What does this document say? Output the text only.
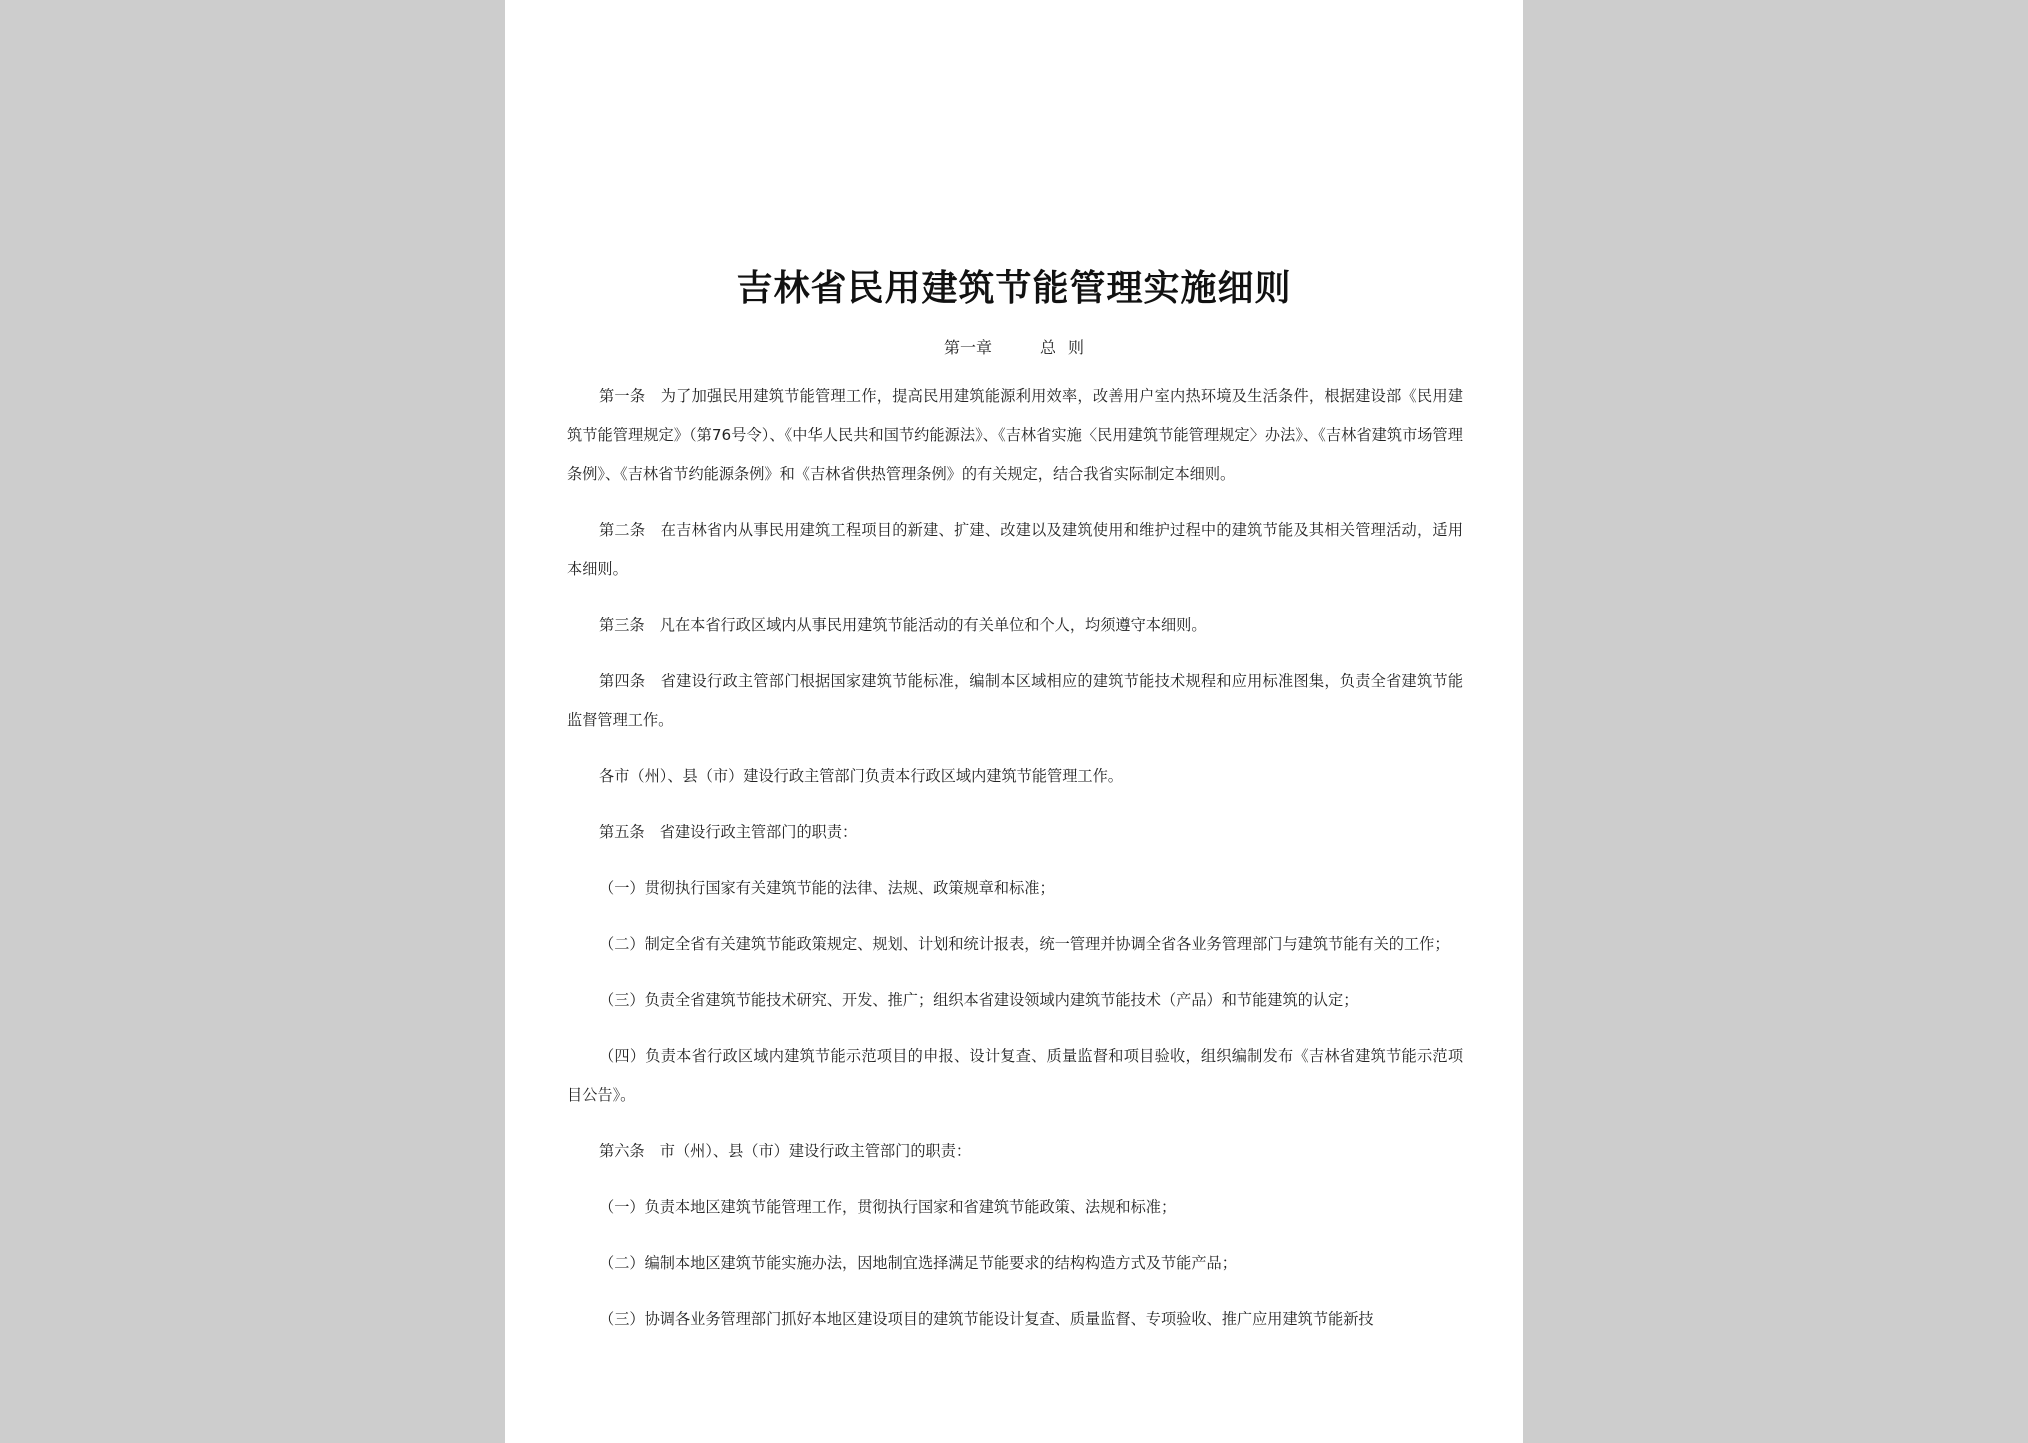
吉林省民用建筑节能管理实施细则
第一章	总 则

第一条　为了加强民用建筑节能管理工作，提高民用建筑能源利用效率，改善用户室内热环境及生活条件，根据建设部《民用建筑节能管理规定》（第76号令）、《中华人民共和国节约能源法》、《吉林省实施〈民用建筑节能管理规定〉办法》、《吉林省建筑市场管理条例》、《吉林省节约能源条例》和《吉林省供热管理条例》的有关规定，结合我省实际制定本细则。

第二条　在吉林省内从事民用建筑工程项目的新建、扩建、改建以及建筑使用和维护过程中的建筑节能及其相关管理活动，适用本细则。

第三条　凡在本省行政区域内从事民用建筑节能活动的有关单位和个人，均须遵守本细则。

第四条　省建设行政主管部门根据国家建筑节能标准，编制本区域相应的建筑节能技术规程和应用标准图集，负责全省建筑节能监督管理工作。

各市（州）、县（市）建设行政主管部门负责本行政区域内建筑节能管理工作。

第五条　省建设行政主管部门的职责：

（一）贯彻执行国家有关建筑节能的法律、法规、政策规章和标准；

（二）制定全省有关建筑节能政策规定、规划、计划和统计报表，统一管理并协调全省各业务管理部门与建筑节能有关的工作；

（三）负责全省建筑节能技术研究、开发、推广；组织本省建设领域内建筑节能技术（产品）和节能建筑的认定；

（四）负责本省行政区域内建筑节能示范项目的申报、设计复查、质量监督和项目验收，组织编制发布《吉林省建筑节能示范项目公告》。

第六条　市（州）、县（市）建设行政主管部门的职责：

（一）负责本地区建筑节能管理工作，贯彻执行国家和省建筑节能政策、法规和标准；

（二）编制本地区建筑节能实施办法，因地制宜选择满足节能要求的结构构造方式及节能产品；

（三）协调各业务管理部门抓好本地区建设项目的建筑节能设计复查、质量监督、专项验收、推广应用建筑节能新技
